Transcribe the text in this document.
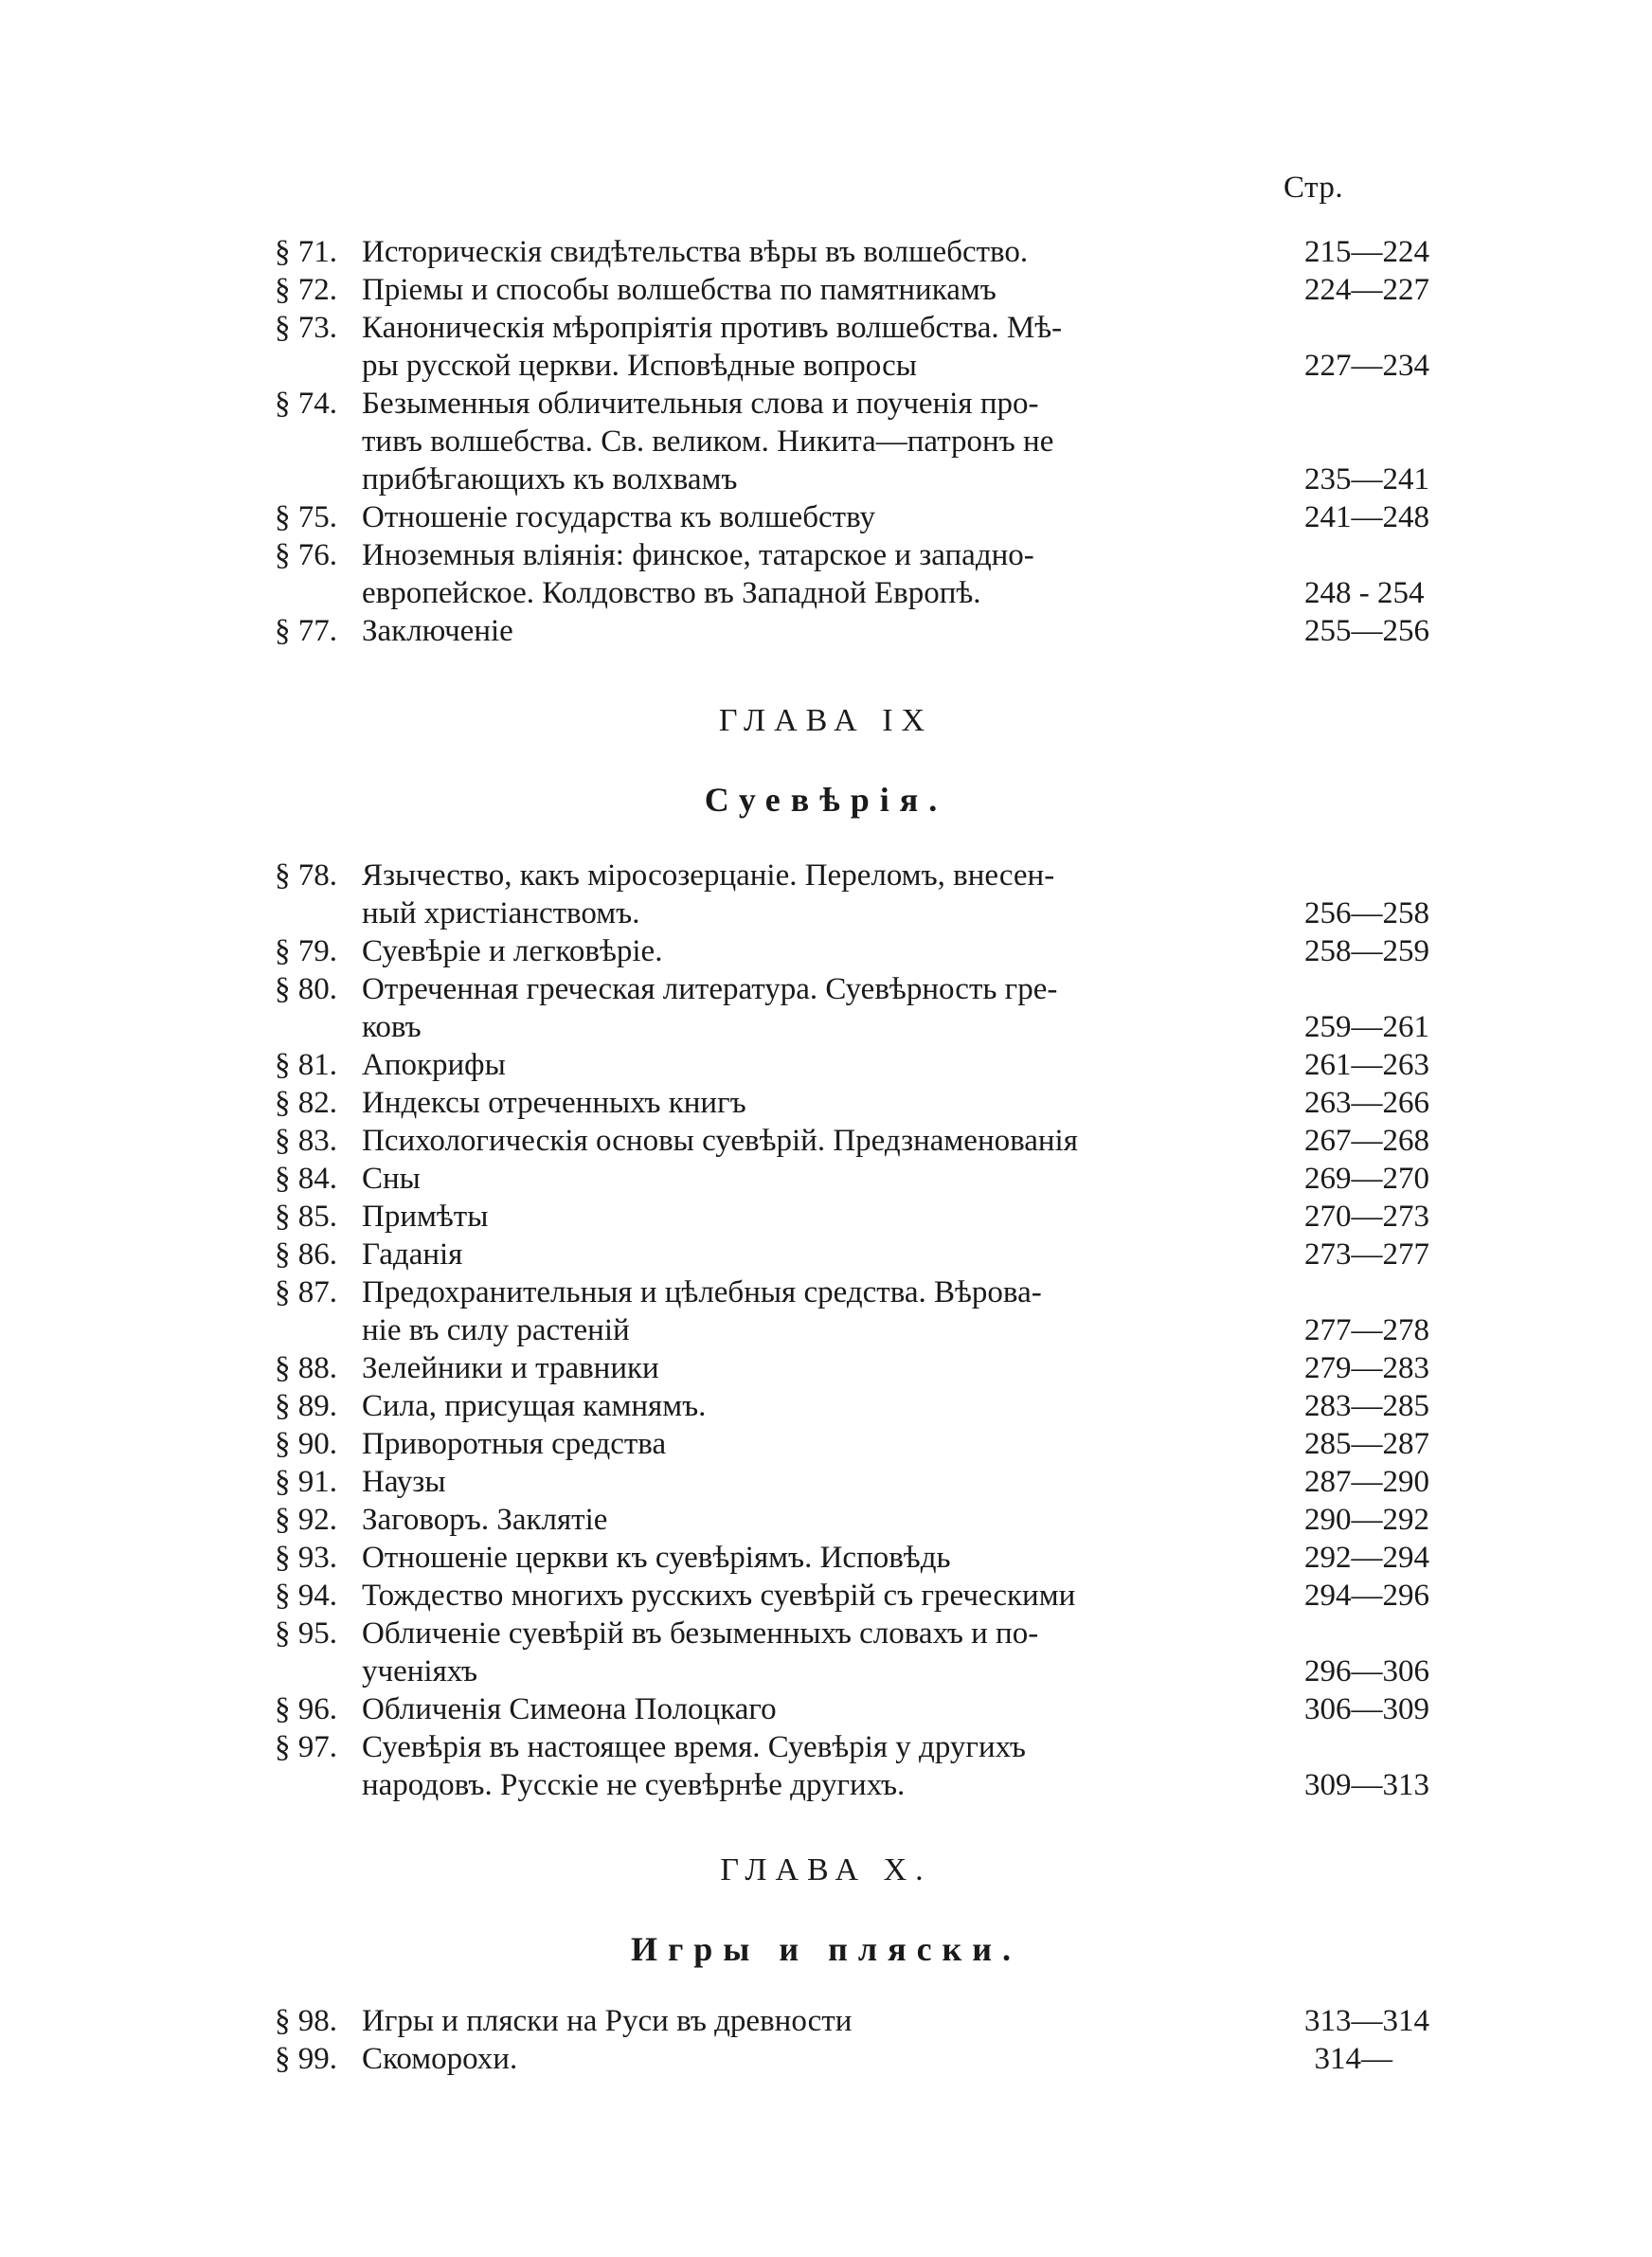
Стр.
§ 71. Историческія свидѣтельства вѣры въ волшебство.	215—224
§ 72. Пріемы и способы волшебства по памятникамъ	224—227
§ 73. Каноническія мѣропріятія противъ волшебства. Мѣ-
ры русской церкви. Исповѣдные вопросы	227—234
§ 74. Безыменныя обличительныя слова и поученія про-
тивъ волшебства. Св. великом. Никита—патронъ не
прибѣгающихъ къ волхвамъ	235—241
§ 75. Отношеніе государства къ волшебству	241—248
§ 76. Иноземныя вліянія: финское, татарское и западно-
европейское. Колдовство въ Западной Европѣ.	248 - 254
§ 77. Заключеніе	255—256
ГЛАВА IX
Суевѣрія.
§ 78. Язычество, какъ міросозерцаніе. Переломъ, внесен-
ный христіанствомъ.	256—258
§ 79. Суевѣріе и легковѣріе.	258—259
§ 80. Отреченная греческая литература. Суевѣрность гре-
ковъ	259—261
§ 81. Апокрифы	261—263
§ 82. Индексы отреченныхъ книгъ	263—266
§ 83. Психологическія основы суевѣрій. Предзнаменованія	267—268
§ 84. Сны	269—270
§ 85. Примѣты	270—273
§ 86. Гаданія	273—277
§ 87. Предохранительныя и цѣлебныя средства. Вѣрова-
ніе въ силу растеній	277—278
§ 88. Зелейники и травники	279—283
§ 89. Сила, присущая камнямъ.	283—285
§ 90. Приворотныя средства	285—287
§ 91. Наузы	287—290
§ 92. Заговоръ. Заклятіе	290—292
§ 93. Отношеніе церкви къ суевѣріямъ. Исповѣдь	292—294
§ 94. Тождество многихъ русскихъ суевѣрій съ греческими	294—296
§ 95. Обличеніе суевѣрій въ безыменныхъ словахъ и по-
ученіяхъ	296—306
§ 96. Обличенія Симеона Полоцкаго	306—309
§ 97. Суевѣрія въ настоящее время. Суевѣрія у другихъ
народовъ. Русскіе не суевѣрнѣе другихъ.	309—313
ГЛАВА X.
Игры и пляски.
§ 98. Игры и пляски на Руси въ древности	313—314
§ 99. Скоморохи.	314—
